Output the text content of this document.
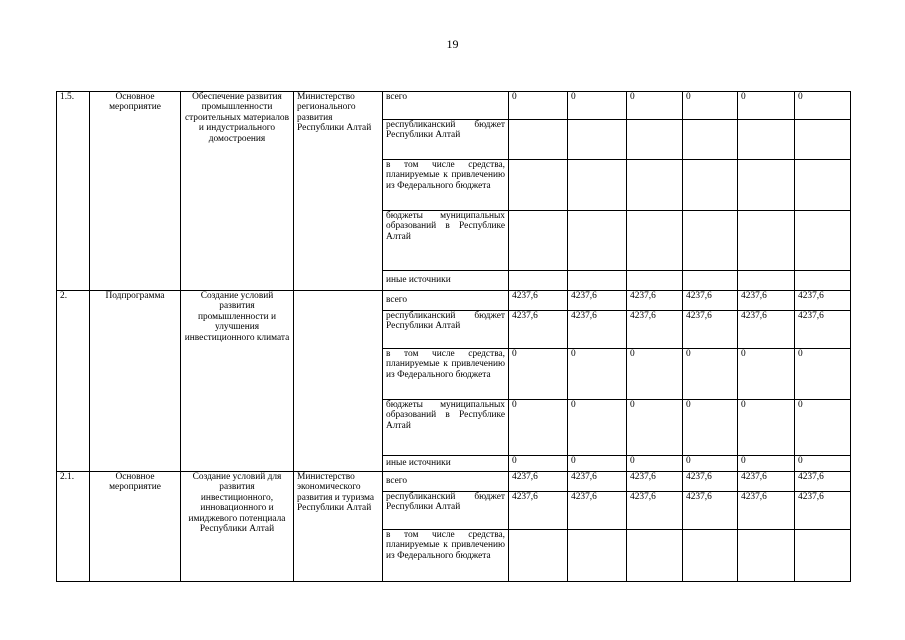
19
1.5.	Основное мероприятие	Обеспечение развития промышленности строительных материалов и индустриального домостроения	Министерство регионального развития Республики Алтай	всего	0	0	0	0	0	0
				республиканский бюджет Республики Алтай						
				в том числе средства, планируемые к привлечению из Федерального бюджета						
				бюджеты муниципальных образований в Республике Алтай						
				иные источники						
2.	Подпрограмма	Создание условий развития промышленности и улучшения инвестиционного климата		всего	4237,6	4237,6	4237,6	4237,6	4237,6	4237,6
				республиканский бюджет Республики Алтай	4237,6	4237,6	4237,6	4237,6	4237,6	4237,6
				в том числе средства, планируемые к привлечению из Федерального бюджета	0	0	0	0	0	0
				бюджеты муниципальных образований в Республике Алтай	0	0	0	0	0	0
				иные источники	0	0	0	0	0	0
2.1.	Основное мероприятие	Создание условий для развития инвестиционного, инновационного и имиджевого потенциала Республики Алтай	Министерство экономического развития и туризма Республики Алтай	всего	4237,6	4237,6	4237,6	4237,6	4237,6	4237,6
				республиканский бюджет Республики Алтай	4237,6	4237,6	4237,6	4237,6	4237,6	4237,6
				в том числе средства, планируемые к привлечению из Федерального бюджета						
